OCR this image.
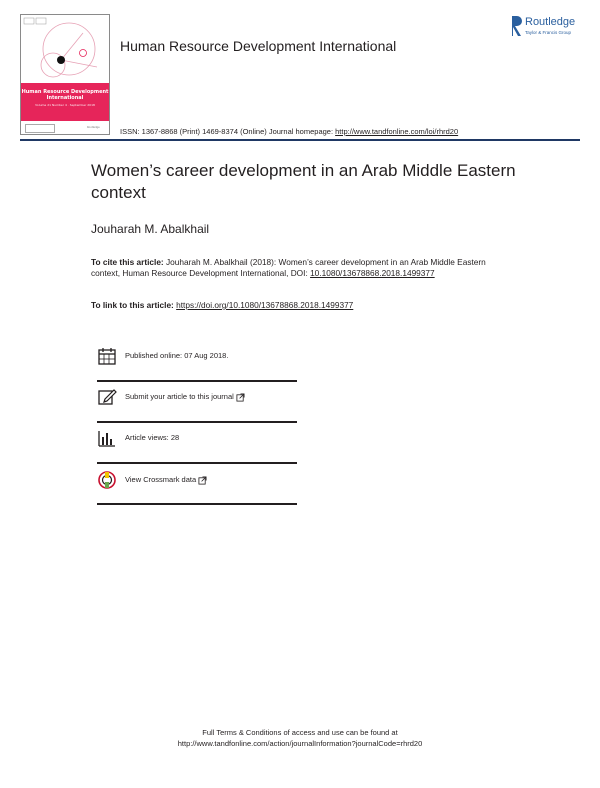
Human Resource Development International
Volume 21 Number 4 · September 2018
Routledge
Human Resource Development International
Routledge
Taylor & Francis Group
ISSN: 1367-8868 (Print) 1469-8374 (Online) Journal homepage: http://www.tandfonline.com/loi/rhrd20
Women’s career development in an Arab Middle Eastern context
Jouharah M. Abalkhail
To cite this article: Jouharah M. Abalkhail (2018): Women’s career development in an Arab Middle Eastern context, Human Resource Development International, DOI: 10.1080/13678868.2018.1499377
To link to this article: https://doi.org/10.1080/13678868.2018.1499377
Published online: 07 Aug 2018.
Submit your article to this journal
Article views: 28
View Crossmark data
Full Terms & Conditions of access and use can be found at
http://www.tandfonline.com/action/journalInformation?journalCode=rhrd20
